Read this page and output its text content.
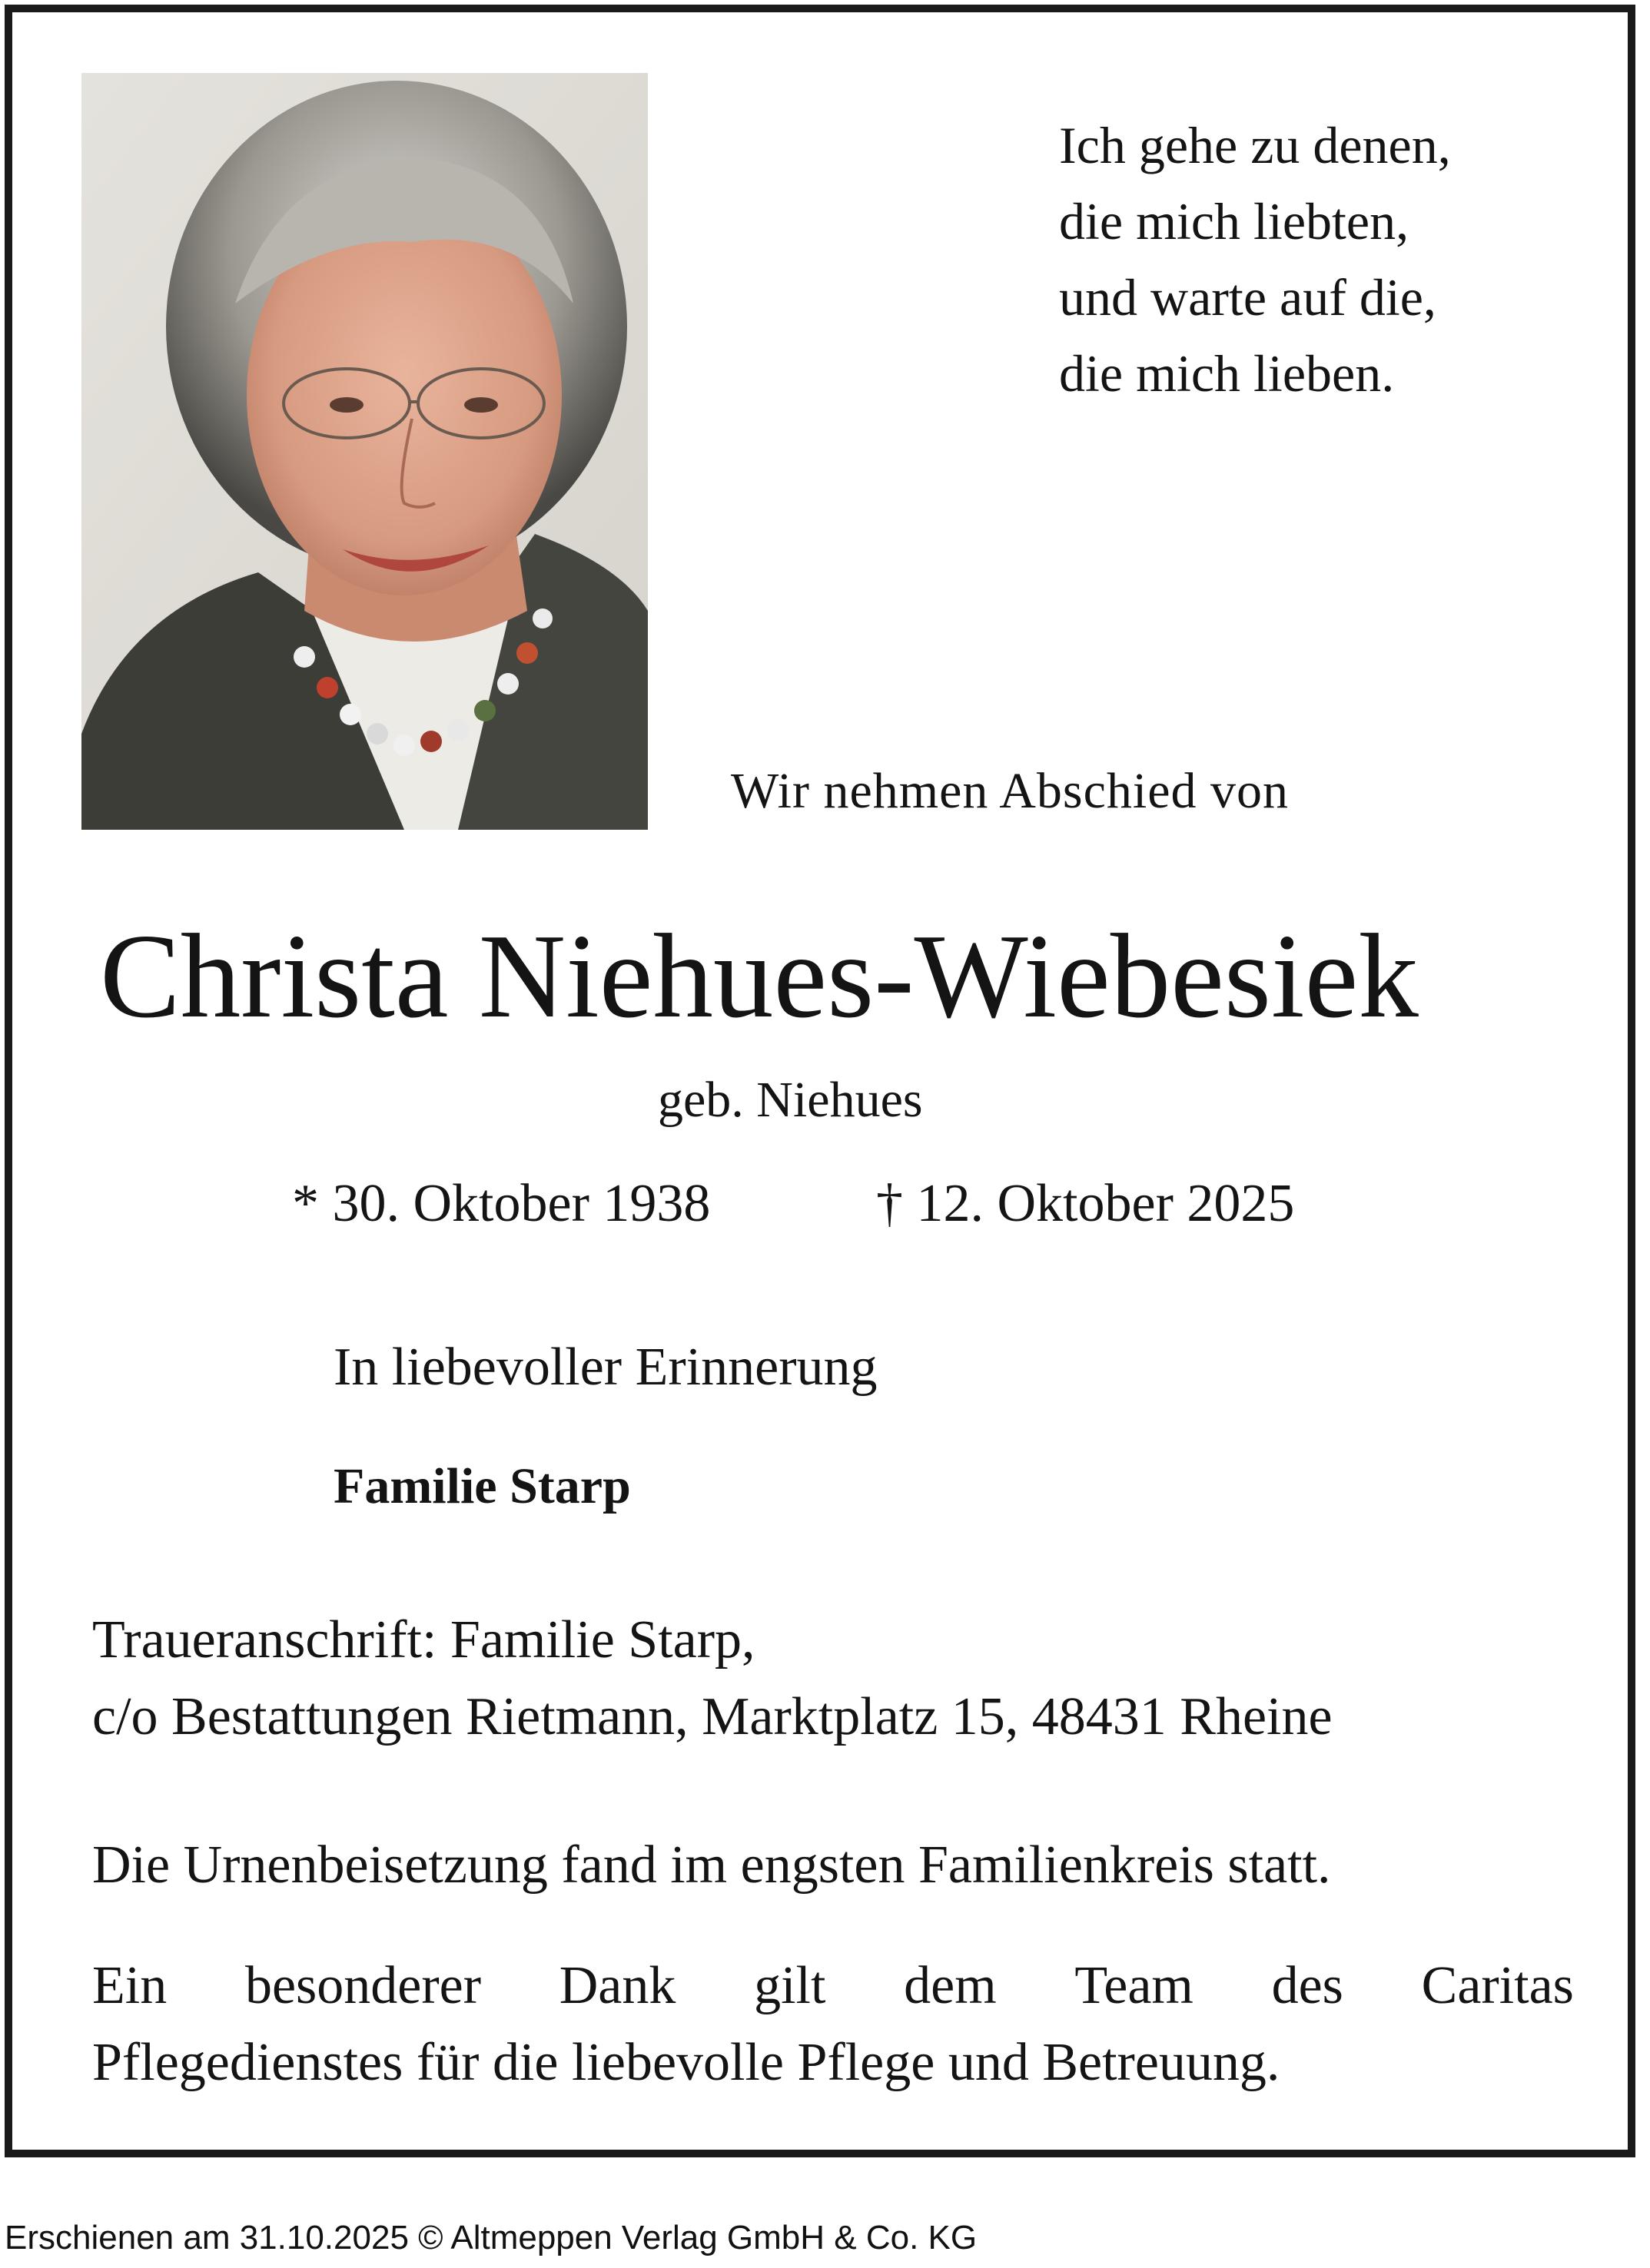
Ich gehe zu denen,
die mich liebten,
und warte auf die,
die mich lieben.

Wir nehmen Abschied von

Christa Niehues-Wiebesiek

geb. Niehues

* 30. Oktober 1938	† 12. Oktober 2025

In liebevoller Erinnerung

Familie Starp

Traueranschrift: Familie Starp,
c/o Bestattungen Rietmann, Marktplatz 15, 48431 Rheine

Die Urnenbeisetzung fand im engsten Familienkreis statt.

Ein besonderer Dank gilt dem Team des Caritas
Pflegedienstes für die liebevolle Pflege und Betreuung.
Erschienen am 31.10.2025 © Altmeppen Verlag GmbH & Co. KG
